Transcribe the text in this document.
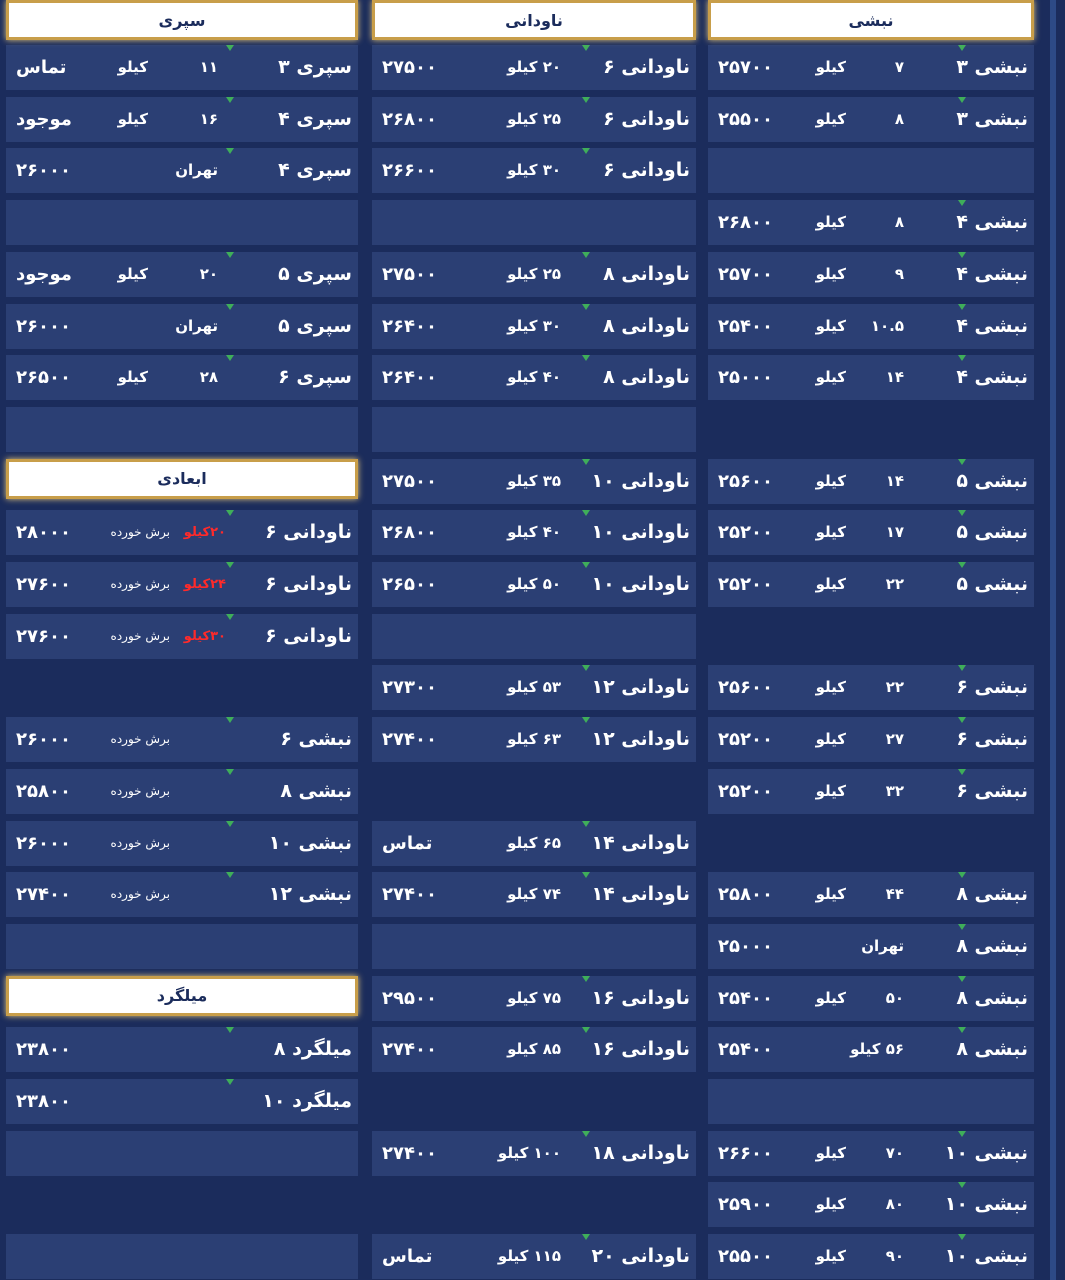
نبشی ۳
۷
کیلو
۲۵۷۰۰
نبشی ۳
۸
کیلو
۲۵۵۰۰
نبشی ۴
۸
کیلو
۲۶۸۰۰
نبشی ۴
۹
کیلو
۲۵۷۰۰
نبشی ۴
۱۰.۵
کیلو
۲۵۴۰۰
نبشی ۴
۱۴
کیلو
۲۵۰۰۰
نبشی ۵
۱۴
کیلو
۲۵۶۰۰
نبشی ۵
۱۷
کیلو
۲۵۲۰۰
نبشی ۵
۲۲
کیلو
۲۵۲۰۰
نبشی ۶
۲۲
کیلو
۲۵۶۰۰
نبشی ۶
۲۷
کیلو
۲۵۲۰۰
نبشی ۶
۳۲
کیلو
۲۵۲۰۰
نبشی ۸
۴۴
کیلو
۲۵۸۰۰
نبشی ۸
تهران
۲۵۰۰۰
نبشی ۸
۵۰
کیلو
۲۵۴۰۰
نبشی ۸
۵۶ کیلو
۲۵۴۰۰
نبشی ۱۰
۷۰
کیلو
۲۶۶۰۰
نبشی ۱۰
۸۰
کیلو
۲۵۹۰۰
نبشی ۱۰
۹۰
کیلو
۲۵۵۰۰
نبشی
ناودانی ۶
۲۰ کیلو
۲۷۵۰۰
ناودانی ۶
۲۵ کیلو
۲۶۸۰۰
ناودانی ۶
۳۰ کیلو
۲۶۶۰۰
ناودانی ۸
۲۵ کیلو
۲۷۵۰۰
ناودانی ۸
۳۰ کیلو
۲۶۴۰۰
ناودانی ۸
۴۰ کیلو
۲۶۴۰۰
ناودانی ۱۰
۳۵ کیلو
۲۷۵۰۰
ناودانی ۱۰
۴۰ کیلو
۲۶۸۰۰
ناودانی ۱۰
۵۰ کیلو
۲۶۵۰۰
ناودانی ۱۲
۵۳ کیلو
۲۷۳۰۰
ناودانی ۱۲
۶۳ کیلو
۲۷۴۰۰
ناودانی ۱۴
۶۵ کیلو
تماس
ناودانی ۱۴
۷۴ کیلو
۲۷۴۰۰
ناودانی ۱۶
۷۵ کیلو
۲۹۵۰۰
ناودانی ۱۶
۸۵ کیلو
۲۷۴۰۰
ناودانی ۱۸
۱۰۰ کیلو
۲۷۴۰۰
ناودانی ۲۰
۱۱۵ کیلو
تماس
ناودانی
سپری ۳
۱۱
کیلو
تماس
سپری ۴
۱۶
کیلو
موجود
سپری ۴
تهران
۲۶۰۰۰
سپری ۵
۲۰
کیلو
موجود
سپری ۵
تهران
۲۶۰۰۰
سپری ۶
۲۸
کیلو
۲۶۵۰۰
ابعادی
ناودانی ۶
۲۰کیلو
برش خورده
۲۸۰۰۰
ناودانی ۶
۲۴کیلو
برش خورده
۲۷۶۰۰
ناودانی ۶
۳۰کیلو
برش خورده
۲۷۶۰۰
نبشی ۶
برش خورده
۲۶۰۰۰
نبشی ۸
برش خورده
۲۵۸۰۰
نبشی ۱۰
برش خورده
۲۶۰۰۰
نبشی ۱۲
برش خورده
۲۷۴۰۰
میلگرد
میلگرد ۸
۲۳۸۰۰
میلگرد ۱۰
۲۳۸۰۰
سپری
